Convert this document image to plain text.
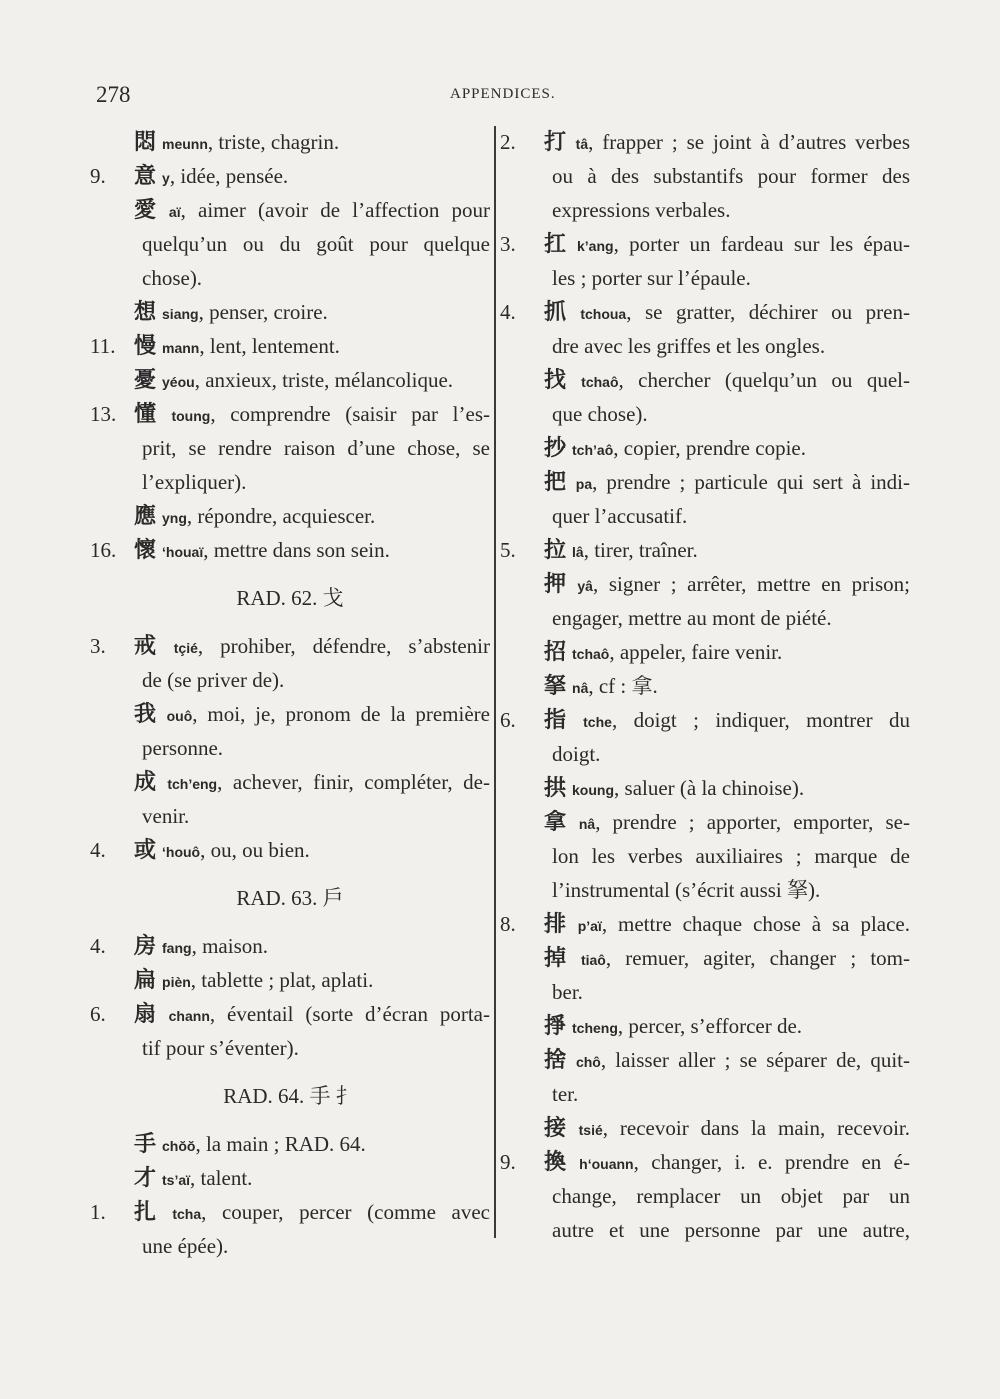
278	APPENDICES.
悶meunn, triste, chagrin.
9.	意y, idée, pensée.
愛aï, aimer (avoir de l’affection pour
quelqu’un ou du goût pour quelque
chose).
想siang, penser, croire.
11. 慢mann, lent, lentement.
憂yéou, anxieux, triste, mélancolique.
13. 懂toung, comprendre (saisir par l’es-
prit, se rendre raison d’une chose, se
l’expliquer).
應yng, répondre, acquiescer.
16. 懷 ʻhouaï, mettre dans son sein.
RAD. 62. 戈
3.	戒tçié, prohiber, défendre, s’abstenir
de (se priver de).
我ouô, moi, je, pronom de la première
personne.
成tch’eng, achever, finir, compléter, de-
venir.
4.	或 ʻhouô, ou, ou bien.
RAD. 63. 戶
4.	房fang, maison.
扁pièn, tablette ; plat, aplati.
6.	扇chann, éventail (sorte d’écran porta-
tif pour s’éventer).
RAD. 64. 手 扌
手chŏŏ, la main ; RAD. 64.
才ts’aï, talent.
1.	扎tcha, couper, percer (comme avec
une épée).
2.	打tâ, frapper ; se joint à d’autres verbes
ou à des substantifs pour former des
expressions verbales.
3.	扛k’ang, porter un fardeau sur les épau-
les ; porter sur l’épaule.
4.	抓tchoua, se gratter, déchirer ou pren-
dre avec les griffes et les ongles.
找tchaô, chercher (quelqu’un ou quel-
que chose).
抄tch’aô, copier, prendre copie.
把pa, prendre ; particule qui sert à indi-
quer l’accusatif.
5.	拉lâ, tirer, traîner.
押yâ, signer ; arrêter, mettre en prison;
engager, mettre au mont de piété.
招tchaô, appeler, faire venir.
拏nâ, cf : 拿.
6.	指tche, doigt ; indiquer, montrer du
doigt.
拱koung, saluer (à la chinoise).
拿nâ, prendre ; apporter, emporter, se-
lon les verbes auxiliaires ; marque de
l’instrumental (s’écrit aussi 拏).
8.	排p’aï, mettre chaque chose à sa place.
掉tiaô, remuer, agiter, changer ; tom-
ber.
掙tcheng, percer, s’efforcer de.
捨chô, laisser aller ; se séparer de, quit-
ter.
接tsié, recevoir dans la main, recevoir.
9.	換hʻouann, changer, i. e. prendre en é-
change, remplacer un objet par un
autre et une personne par une autre,
